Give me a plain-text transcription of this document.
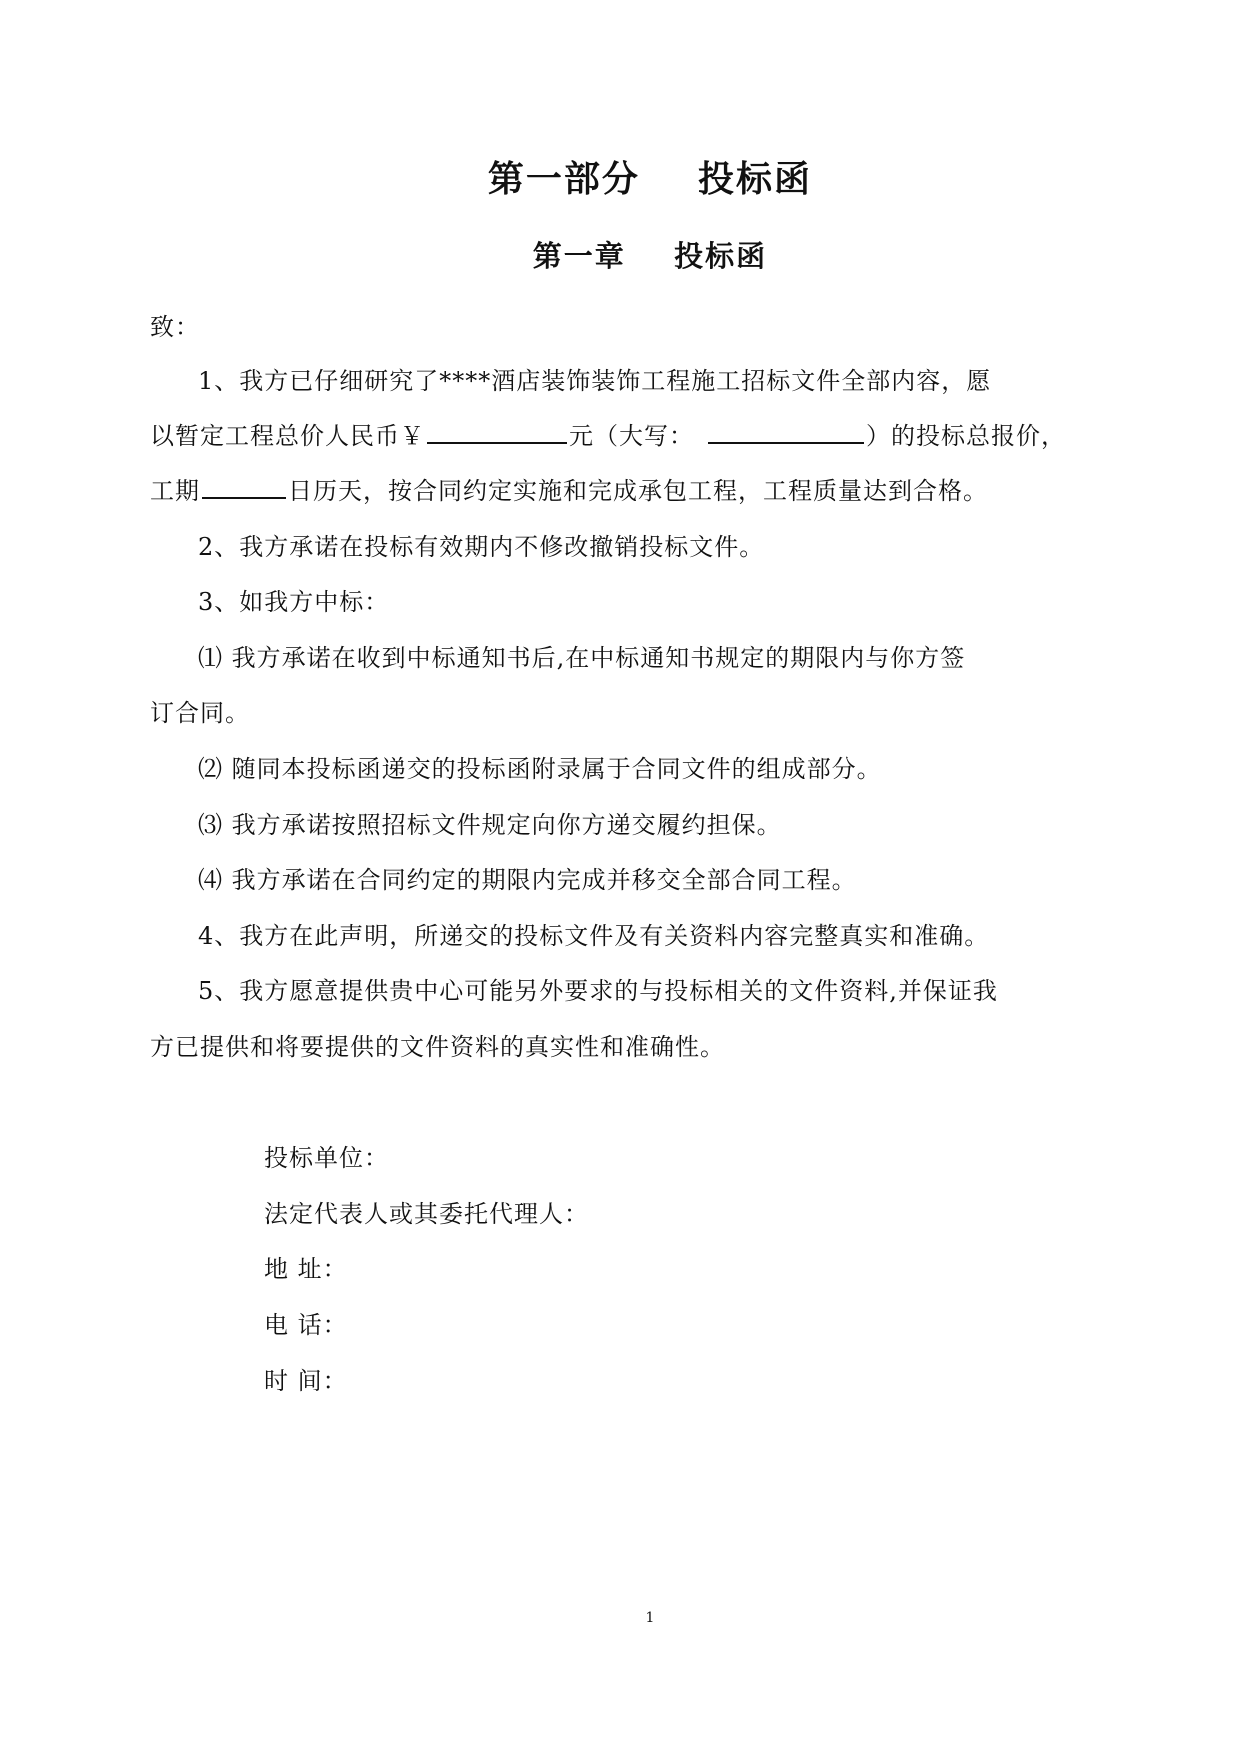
第一部分    投标函
第一章    投标函
致：
1、我方已仔细研究了****酒店装饰装饰工程施工招标文件全部内容，愿
以暂定工程总价人民币￥	元（大写：	）的投标总报价，
工期	日历天，按合同约定实施和完成承包工程，工程质量达到合格。
2、我方承诺在投标有效期内不修改撤销投标文件。
3、如我方中标：
⑴ 我方承诺在收到中标通知书后,在中标通知书规定的期限内与你方签
订合同。
⑵ 随同本投标函递交的投标函附录属于合同文件的组成部分。
⑶ 我方承诺按照招标文件规定向你方递交履约担保。
⑷ 我方承诺在合同约定的期限内完成并移交全部合同工程。
4、我方在此声明，所递交的投标文件及有关资料内容完整真实和准确。
5、我方愿意提供贵中心可能另外要求的与投标相关的文件资料,并保证我
方已提供和将要提供的文件资料的真实性和准确性。
投标单位：
法定代表人或其委托代理人：
地 址：
电 话：
时 间：
1
